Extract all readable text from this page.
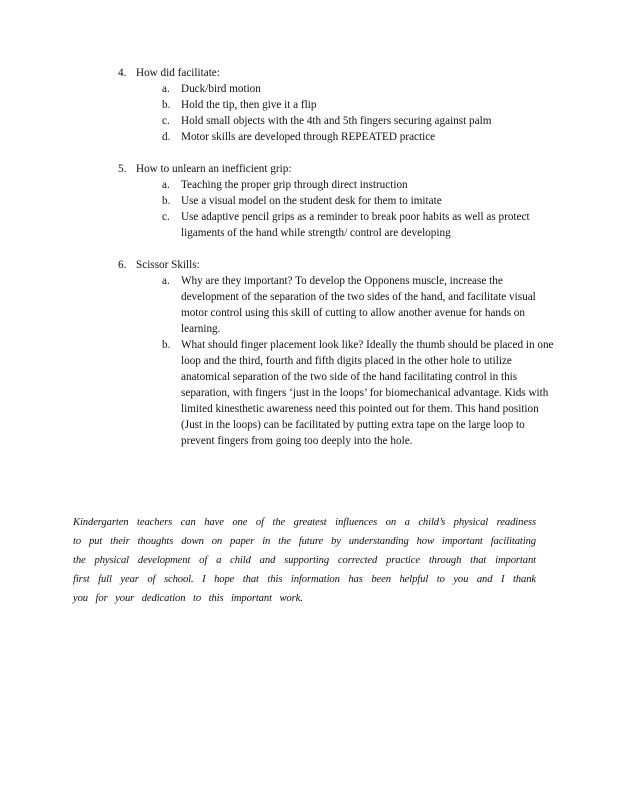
4. How did facilitate:
a. Duck/bird motion
b. Hold the tip, then give it a flip
c. Hold small objects with the 4th and 5th fingers securing against palm
d. Motor skills are developed through REPEATED practice
5. How to unlearn an inefficient grip:
a. Teaching the proper grip through direct instruction
b. Use a visual model on the student desk for them to imitate
c. Use adaptive pencil grips as a reminder to break poor habits as well as protect ligaments of the hand while strength/ control are developing
6. Scissor Skills:
a. Why are they important? To develop the Opponens muscle, increase the development of the separation of the two sides of the hand, and facilitate visual motor control using this skill of cutting to allow another avenue for hands on learning.
b. What should finger placement look like? Ideally the thumb should be placed in one loop and the third, fourth and fifth digits placed in the other hole to utilize anatomical separation of the two side of the hand facilitating control in this separation, with fingers ‘just in the loops’ for biomechanical advantage. Kids with limited kinesthetic awareness need this pointed out for them. This hand position (Just in the loops) can be facilitated by putting extra tape on the large loop to prevent fingers from going too deeply into the hole.

Kindergarten teachers can have one of the greatest influences on a child’s physical readiness to put their thoughts down on paper in the future by understanding how important facilitating the physical development of a child and supporting corrected practice through that important first full year of school. I hope that this information has been helpful to you and I thank you for your dedication to this important work.
